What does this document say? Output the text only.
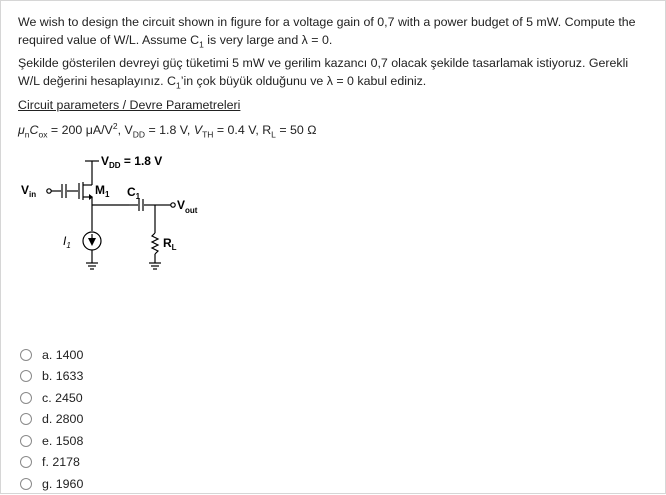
We wish to design the circuit shown in figure for a voltage gain of 0,7 with a power budget of 5 mW. Compute the required value of W/L. Assume $C_1$ is very large and λ = 0.

Şekilde gösterilen devreyi güç tüketimi 5 mW ve gerilim kazancı 0,7 olacak şekilde tasarlamak istiyoruz. Gerekli W/L değerini hesaplayınız. $C_1’in$ çok büyük olduğunu ve λ = 0 kabul ediniz.

Circuit parameters / Devre Parametreleri

$\mu_nC_{ox} = 200$ $\mu A/V^2$, $V_{DD} = 1.8$ V, $V_{TH} = 0.4$ V, $R_L = 50$ Ω

$V_{DD} = 1.8$ V
$V_{in}$	$M_1$ $C_1$
$V_{out}$
$I_1$	$R_L$
a. 1400
b. 1633
c. 2450
d. 2800
e. 1508
f. 2178
g. 1960
